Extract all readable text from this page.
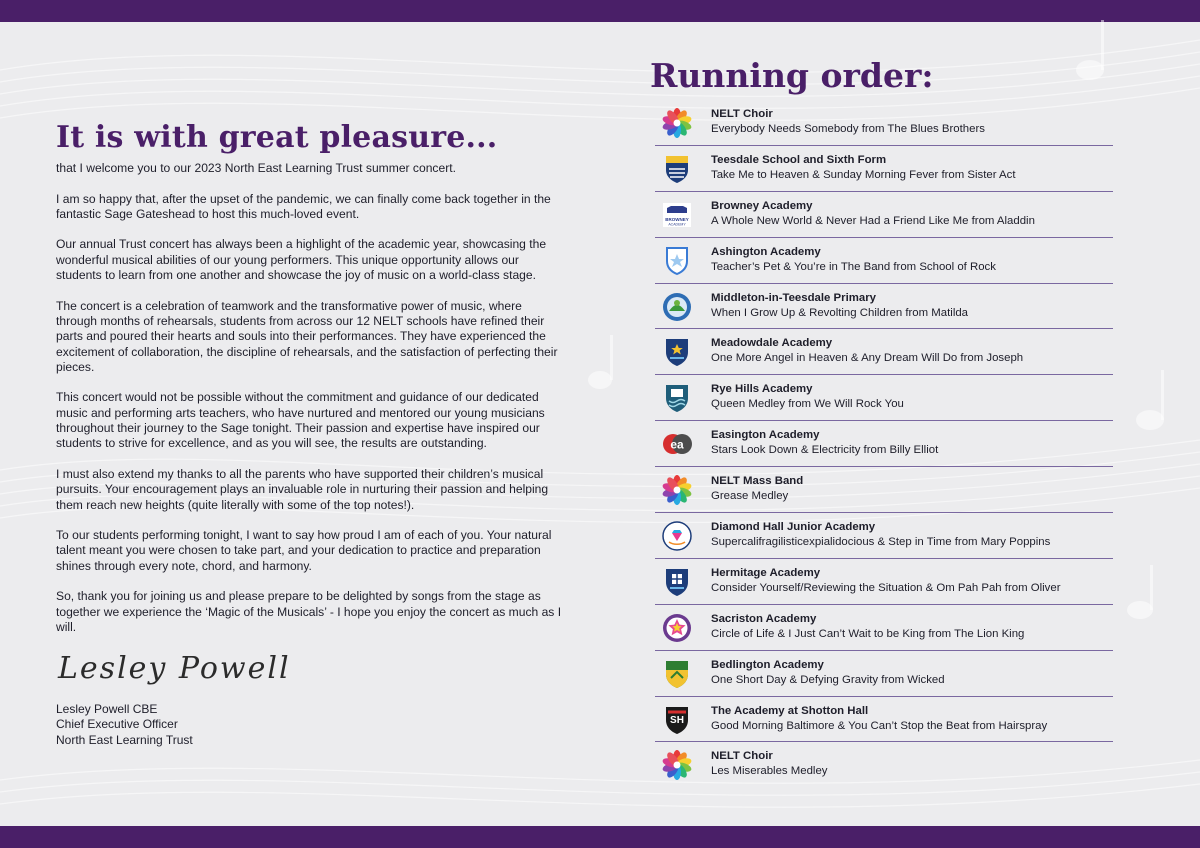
It is with great pleasure...

that I welcome you to our 2023 North East Learning Trust summer concert.

I am so happy that, after the upset of the pandemic, we can finally come back together in the fantastic Sage Gateshead to host this much-loved event.

Our annual Trust concert has always been a highlight of the academic year, showcasing the wonderful musical abilities of our young performers. This unique opportunity allows our students to learn from one another and showcase the joy of music on a world-class stage.

The concert is a celebration of teamwork and the transformative power of music, where through months of rehearsals, students from across our 12 NELT schools have refined their parts and poured their hearts and souls into their performances. They have experienced the excitement of collaboration, the discipline of rehearsals, and the satisfaction of perfecting their pieces.

This concert would not be possible without the commitment and guidance of our dedicated music and performing arts teachers, who have nurtured and mentored our young musicians throughout their journey to the Sage tonight. Their passion and expertise have inspired our students to strive for excellence, and as you will see, the results are outstanding.

I must also extend my thanks to all the parents who have supported their children’s musical pursuits. Your encouragement plays an invaluable role in nurturing their passion and helping them reach new heights (quite literally with some of the top notes!).

To our students performing tonight, I want to say how proud I am of each of you. Your natural talent meant you were chosen to take part, and your dedication to practice and preparation shines through every note, chord, and harmony.

So, thank you for joining us and please prepare to be delighted by songs from the stage as together we experience the ‘Magic of the Musicals’ - I hope you enjoy the concert as much as I will.

Lesley Powell
Lesley Powell CBE
Chief Executive Officer
North East Learning Trust
Running order:
NELT Choir
Everybody Needs Somebody from The Blues Brothers
Teesdale School and Sixth Form
Take Me to Heaven & Sunday Morning Fever from Sister Act
BROWNEY
ACADEMY
Browney Academy
A Whole New World & Never Had a Friend Like Me from Aladdin
Ashington Academy
Teacher’s Pet & You’re in The Band from School of Rock
Middleton-in-Teesdale Primary
When I Grow Up & Revolting Children from Matilda
Meadowdale Academy
One More Angel in Heaven & Any Dream Will Do from Joseph
Rye Hills Academy
Queen Medley from We Will Rock You
ea
Easington Academy
Stars Look Down & Electricity from Billy Elliot
NELT Mass Band
Grease Medley
Diamond Hall Junior Academy
Supercalifragilisticexpialidocious & Step in Time from Mary Poppins
Hermitage Academy
Consider Yourself/Reviewing the Situation & Om Pah Pah from Oliver
Sacriston Academy
Circle of Life & I Just Can’t Wait to be King from The Lion King
Bedlington Academy
One Short Day & Defying Gravity from Wicked
SH
The Academy at Shotton Hall
Good Morning Baltimore & You Can’t Stop the Beat from Hairspray
NELT Choir
Les Miserables Medley
